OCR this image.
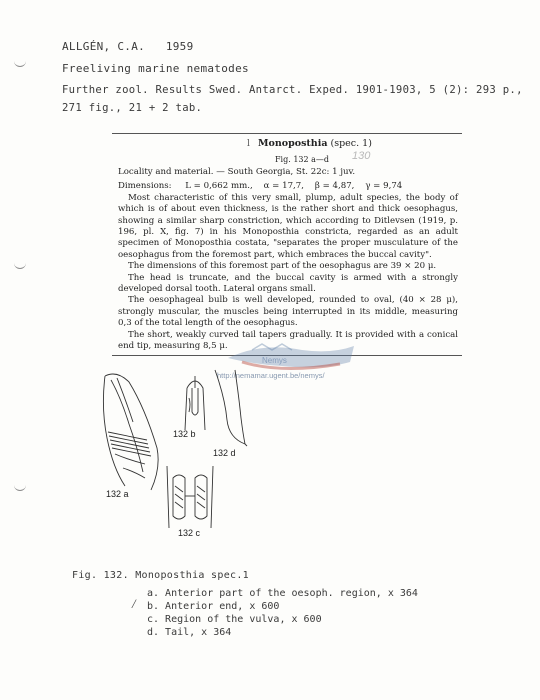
ALLGÉN, C.A.   1959
Freeliving marine nematodes
Further zool. Results Swed. Antarct. Exped. 1901-1903, 5 (2): 293 p.,
271 fig., 21 + 2 tab.
l Monoposthia (spec. 1)
130
Fig. 132 a—d

Locality and material. — South Georgia, St. 22c: 1 juv.

Dimensions:     L = 0,662 mm.,    α = 17,7,    β = 4,87,    γ = 9,74

Most characteristic of this very small, plump, adult species, the body of which is of about even thickness, is the rather short and thick oesophagus, showing a similar sharp constriction, which according to Ditlevsen (1919, p. 196, pl. X, fig. 7) in his Monoposthia constricta, regarded as an adult specimen of Monoposthia costata, "separates the proper musculature of the oesophagus from the foremost part, which embraces the buccal cavity".

The dimensions of this foremost part of the oesophagus are 39 × 20 μ.

The head is truncate, and the buccal cavity is armed with a strongly developed dorsal tooth. Lateral organs small.

The oesophageal bulb is well developed, rounded to oval, (40 × 28 μ), strongly muscular, the muscles being interrupted in its middle, measuring 0,3 of the total length of the oesophagus.

The short, weakly curved tail tapers gradually. It is provided with a conical end tip, measuring 8,5 μ.

http://nemamar.ugent.be/nemys/
Nemys
132 b
132 d
132 a
132 c
Fig. 132. Monoposthia spec.1
a. Anterior part of the oesoph. region, x 364
/ b. Anterior end, x 600
c. Region of the vulva, x 600
d. Tail, x 364
